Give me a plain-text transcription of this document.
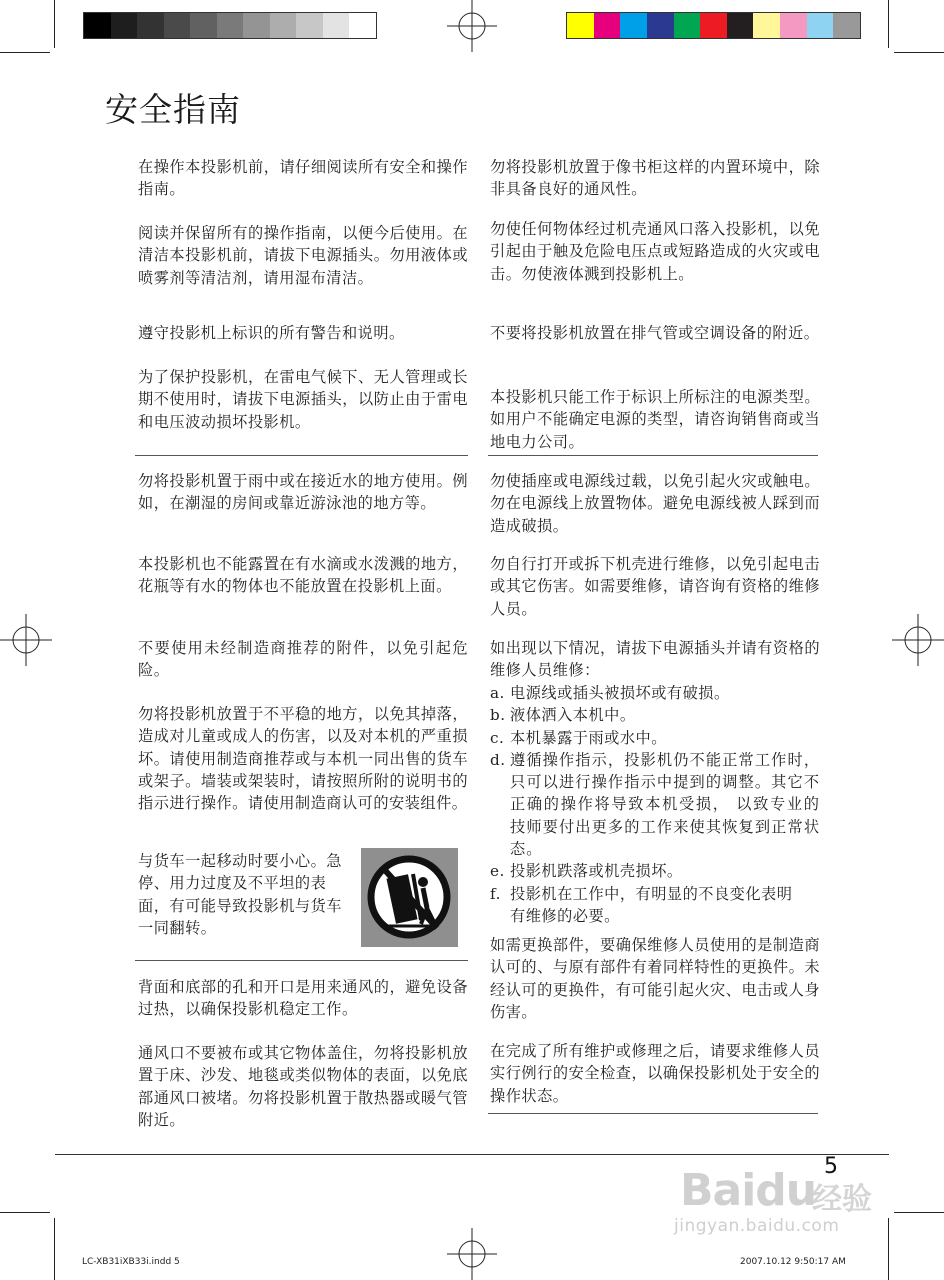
安全指南

在操作本投影机前，请仔细阅读所有安全和操作指南。

阅读并保留所有的操作指南，以便今后使用。在清洁本投影机前，请拔下电源插头。勿用液体或喷雾剂等清洁剂，请用湿布清洁。

遵守投影机上标识的所有警告和说明。

为了保护投影机，在雷电气候下、无人管理或长期不使用时，请拔下电源插头，以防止由于雷电和电压波动损坏投影机。

勿将投影机置于雨中或在接近水的地方使用。例如，在潮湿的房间或靠近游泳池的地方等。

本投影机也不能露置在有水滴或水泼溅的地方，花瓶等有水的物体也不能放置在投影机上面。

不要使用未经制造商推荐的附件，以免引起危险。

勿将投影机放置于不平稳的地方，以免其掉落，造成对儿童或成人的伤害，以及对本机的严重损坏。请使用制造商推荐或与本机一同出售的货车或架子。墙装或架装时，请按照所附的说明书的指示进行操作。请使用制造商认可的安装组件。

与货车一起移动时要小心。急停、用力过度及不平坦的表面，有可能导致投影机与货车一同翻转。

背面和底部的孔和开口是用来通风的，避免设备过热，以确保投影机稳定工作。

通风口不要被布或其它物体盖住，勿将投影机放置于床、沙发、地毯或类似物体的表面，以免底部通风口被堵。勿将投影机置于散热器或暖气管附近。

勿将投影机放置于像书柜这样的内置环境中，除非具备良好的通风性。

勿使任何物体经过机壳通风口落入投影机，以免引起由于触及危险电压点或短路造成的火灾或电击。勿使液体溅到投影机上。

不要将投影机放置在排气管或空调设备的附近。

本投影机只能工作于标识上所标注的电源类型。如用户不能确定电源的类型，请咨询销售商或当地电力公司。

勿使插座或电源线过载，以免引起火灾或触电。勿在电源线上放置物体。避免电源线被人踩到而造成破损。

勿自行打开或拆下机壳进行维修，以免引起电击或其它伤害。如需要维修，请咨询有资格的维修人员。

如出现以下情况，请拔下电源插头并请有资格的维修人员维修：

a. 电源线或插头被损坏或有破损。
b. 液体洒入本机中。
c. 本机暴露于雨或水中。
d. 遵循操作指示，投影机仍不能正常工作时，只可以进行操作指示中提到的调整。其它不正确的操作将导致本机受损， 以致专业的技师要付出更多的工作来使其恢复到正常状态。
e. 投影机跌落或机壳损坏。
f. 投影机在工作中，有明显的不良变化表明有维修的必要。

如需更换部件，要确保维修人员使用的是制造商认可的、与原有部件有着同样特性的更换件。未经认可的更换件，有可能引起火灾、电击或人身伤害。

在完成了所有维护或修理之后，请要求维修人员实行例行的安全检查，以确保投影机处于安全的操作状态。

5
Baidu
经验
jingyan.baidu.com
LC-XB31iXB33i.indd 5	2007.10.12 9:50:17 AM
